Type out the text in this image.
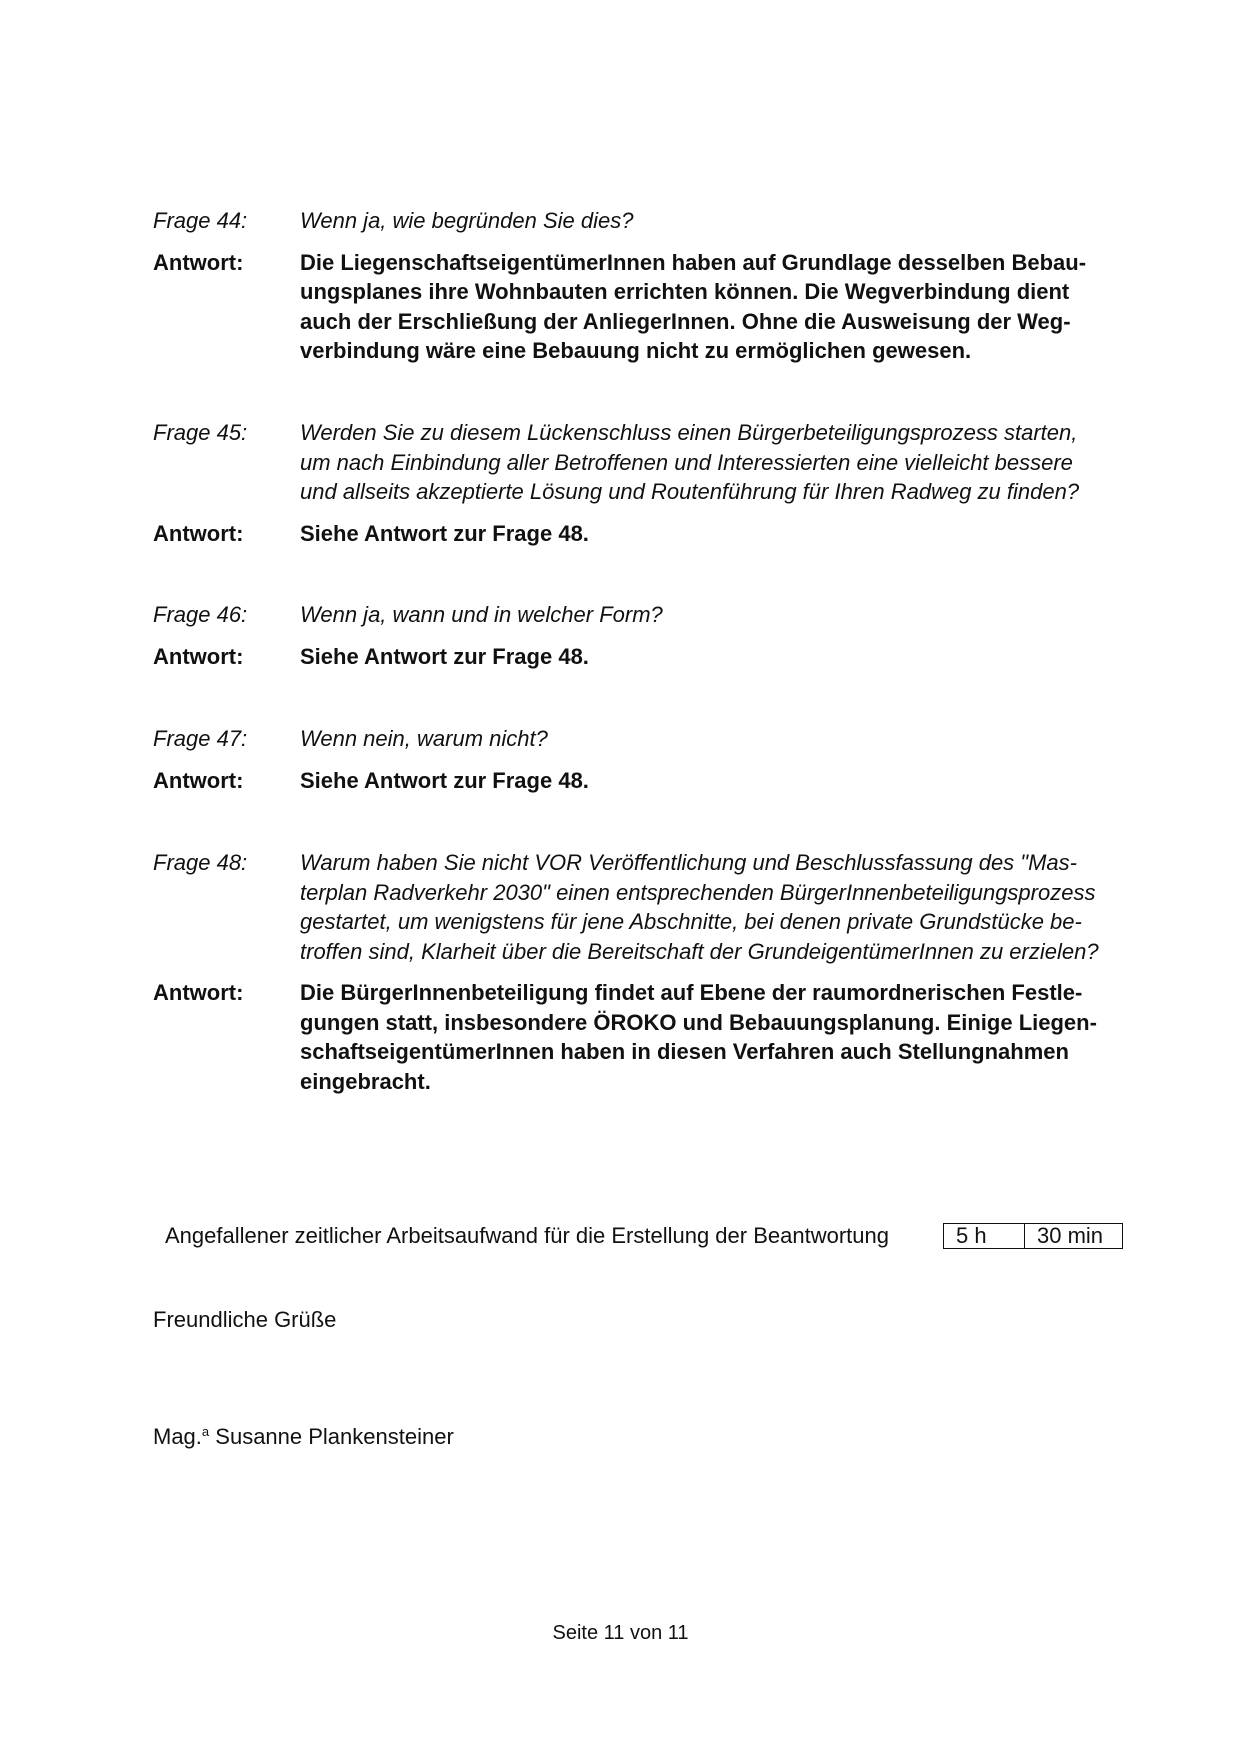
Frage 44:	Wenn ja, wie begründen Sie dies?
Antwort:	Die LiegenschaftseigentümerInnen haben auf Grundlage desselben Bebau-
ungsplanes ihre Wohnbauten errichten können. Die Wegverbindung dient
auch der Erschließung der AnliegerInnen. Ohne die Ausweisung der Weg-
verbindung wäre eine Bebauung nicht zu ermöglichen gewesen.
Frage 45:	Werden Sie zu diesem Lückenschluss einen Bürgerbeteiligungsprozess starten,
um nach Einbindung aller Betroffenen und Interessierten eine vielleicht bessere
und allseits akzeptierte Lösung und Routenführung für Ihren Radweg zu finden?
Antwort:	Siehe Antwort zur Frage 48.
Frage 46:	Wenn ja, wann und in welcher Form?
Antwort:	Siehe Antwort zur Frage 48.
Frage 47:	Wenn nein, warum nicht?
Antwort:	Siehe Antwort zur Frage 48.
Frage 48:	Warum haben Sie nicht VOR Veröffentlichung und Beschlussfassung des "Mas-
terplan Radverkehr 2030" einen entsprechenden BürgerInnenbeteiligungsprozess
gestartet, um wenigstens für jene Abschnitte, bei denen private Grundstücke be-
troffen sind, Klarheit über die Bereitschaft der GrundeigentümerInnen zu erzielen?
Antwort:	Die BürgerInnenbeteiligung findet auf Ebene der raumordnerischen Festle-
gungen statt, insbesondere ÖROKO und Bebauungsplanung. Einige Liegen-
schaftseigentümerInnen haben in diesen Verfahren auch Stellungnahmen
eingebracht.
Angefallener zeitlicher Arbeitsaufwand für die Erstellung der Beantwortung	5 h	30 min
Freundliche Grüße
Mag.$^a$ Susanne Plankensteiner
Seite 11 von 11
